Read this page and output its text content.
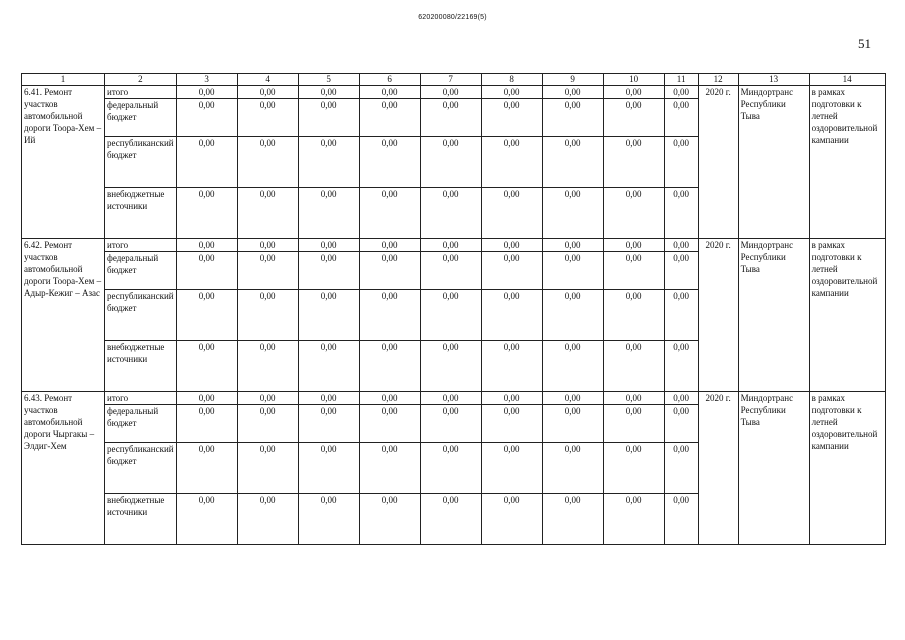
620200080/22169(5)
51
1	2	3	4	5	6	7	8	9	10	11	12	13	14
6.41. Ремонт участков автомобильной дороги Тоора-Хем – Ий	итого	0,00	0,00	0,00	0,00	0,00	0,00	0,00	0,00	0,00	2020 г.	Миндортранс Республики Тыва	в рамках подготовки к летней оздоровительной кампании
	федеральный бюджет	0,00	0,00	0,00	0,00	0,00	0,00	0,00	0,00	0,00			
	республиканский бюджет	0,00	0,00	0,00	0,00	0,00	0,00	0,00	0,00	0,00			
	внебюджетные источники	0,00	0,00	0,00	0,00	0,00	0,00	0,00	0,00	0,00			
6.42. Ремонт участков автомобильной дороги Тоора-Хем – Адыр-Кежиг – Азас	итого	0,00	0,00	0,00	0,00	0,00	0,00	0,00	0,00	0,00	2020 г.	Миндортранс Республики Тыва	в рамках подготовки к летней оздоровительной кампании
	федеральный бюджет	0,00	0,00	0,00	0,00	0,00	0,00	0,00	0,00	0,00			
	республиканский бюджет	0,00	0,00	0,00	0,00	0,00	0,00	0,00	0,00	0,00			
	внебюджетные источники	0,00	0,00	0,00	0,00	0,00	0,00	0,00	0,00	0,00			
6.43. Ремонт участков автомобильной дороги Чыргакы – Элдиг-Хем	итого	0,00	0,00	0,00	0,00	0,00	0,00	0,00	0,00	0,00	2020 г.	Миндортранс Республики Тыва	в рамках подготовки к летней оздоровительной кампании
	федеральный бюджет	0,00	0,00	0,00	0,00	0,00	0,00	0,00	0,00	0,00			
	республиканский бюджет	0,00	0,00	0,00	0,00	0,00	0,00	0,00	0,00	0,00			
	внебюджетные источники	0,00	0,00	0,00	0,00	0,00	0,00	0,00	0,00	0,00			
